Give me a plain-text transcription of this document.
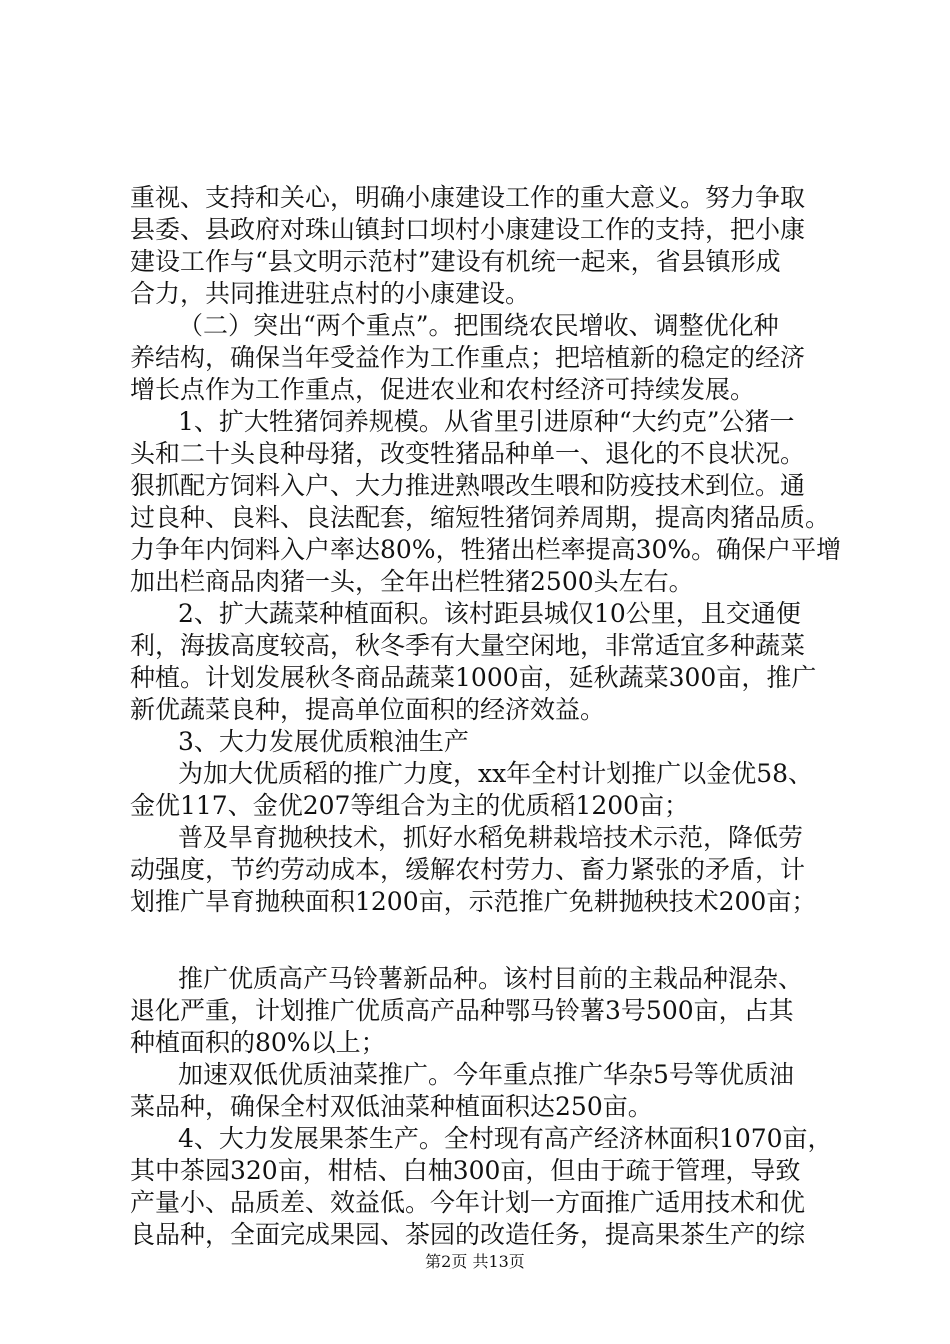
重视、支持和关心，明确小康建设工作的重大意义。努力争取
县委、县政府对珠山镇封口坝村小康建设工作的支持，把小康
建设工作与“县文明示范村”建设有机统一起来，省县镇形成
合力，共同推进驻点村的小康建设。
（二）突出“两个重点”。把围绕农民增收、调整优化种
养结构，确保当年受益作为工作重点；把培植新的稳定的经济
增长点作为工作重点，促进农业和农村经济可持续发展。
1、扩大牲猪饲养规模。从省里引进原种“大约克”公猪一
头和二十头良种母猪，改变牲猪品种单一、退化的不良状况。
狠抓配方饲料入户、大力推进熟喂改生喂和防疫技术到位。通
过良种、良料、良法配套，缩短牲猪饲养周期，提高肉猪品质。
力争年内饲料入户率达80%，牲猪出栏率提高30%。确保户平增
加出栏商品肉猪一头，全年出栏牲猪2500头左右。
2、扩大蔬菜种植面积。该村距县城仅10公里，且交通便
利，海拔高度较高，秋冬季有大量空闲地，非常适宜多种蔬菜
种植。计划发展秋冬商品蔬菜1000亩，延秋蔬菜300亩，推广
新优蔬菜良种，提高单位面积的经济效益。
3、大力发展优质粮油生产
为加大优质稻的推广力度，xx年全村计划推广以金优58、
金优117、金优207等组合为主的优质稻1200亩；
普及旱育抛秧技术，抓好水稻免耕栽培技术示范，降低劳
动强度，节约劳动成本，缓解农村劳力、畜力紧张的矛盾，计
划推广旱育抛秧面积1200亩，示范推广免耕抛秧技术200亩；
推广优质高产马铃薯新品种。该村目前的主栽品种混杂、
退化严重，计划推广优质高产品种鄂马铃薯3号500亩，占其
种植面积的80%以上；
加速双低优质油菜推广。今年重点推广华杂5号等优质油
菜品种，确保全村双低油菜种植面积达250亩。
4、大力发展果茶生产。全村现有高产经济林面积1070亩，
其中茶园320亩，柑桔、白柚300亩，但由于疏于管理，导致
产量小、品质差、效益低。今年计划一方面推广适用技术和优
良品种，全面完成果园、茶园的改造任务，提高果茶生产的综
第2页 共13页
